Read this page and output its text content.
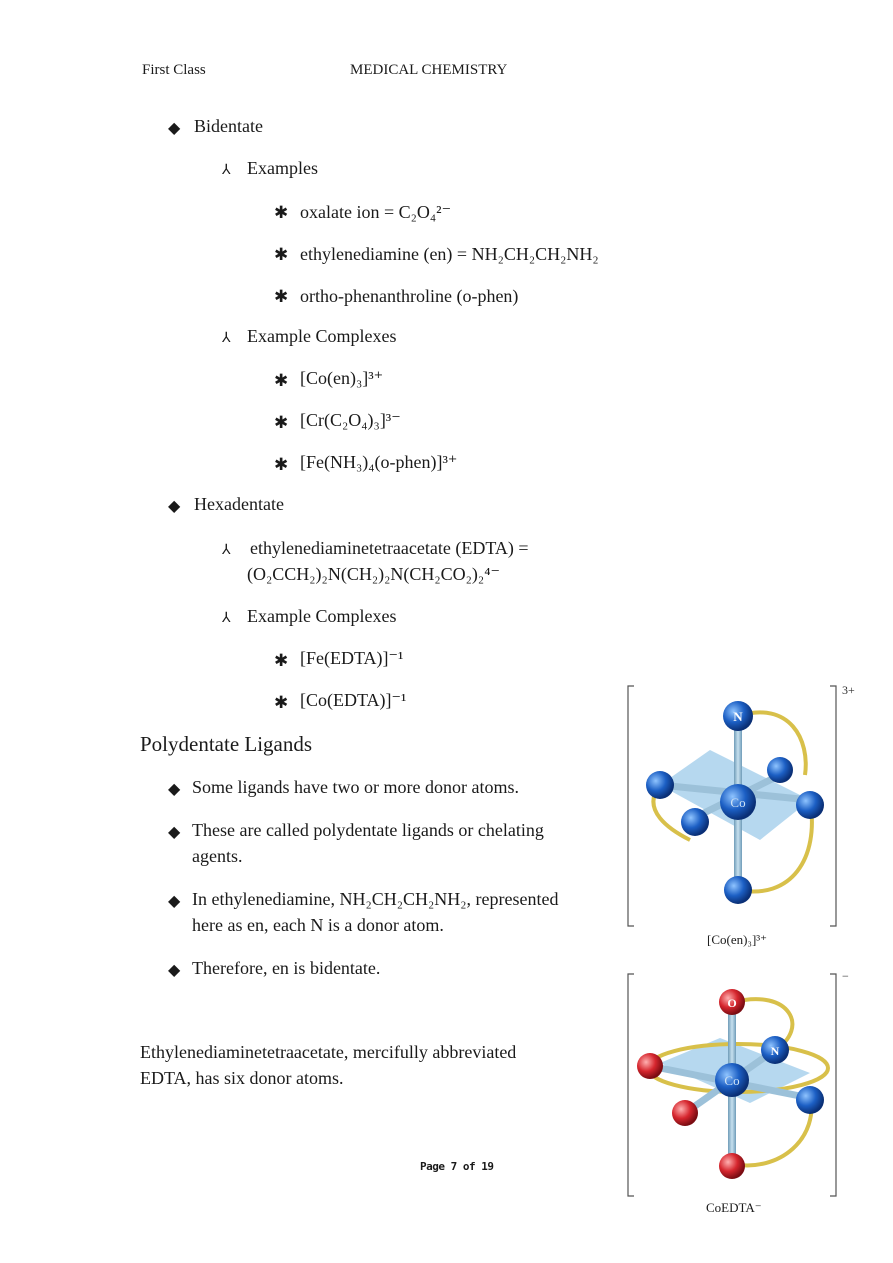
First Class	MEDICAL CHEMISTRY
◆ Bidentate
⅄ Examples
✱ oxalate ion = C₂O₄²⁻
✱ ethylenediamine (en) = NH₂CH₂CH₂NH₂
✱ ortho-phenanthroline (o-phen)
⅄ Example Complexes
✱ [Co(en)₃]³⁺
✱ [Cr(C₂O₄)₃]³⁻
✱ [Fe(NH₃)₄(o-phen)]³⁺
◆ Hexadentate
⅄ ethylenediaminetetraacetate (EDTA) =
(O₂CCH₂)₂N(CH₂)₂N(CH₂CO₂)₂⁴⁻
⅄ Example Complexes
✱ [Fe(EDTA)]⁻¹
✱ [Co(EDTA)]⁻¹
Polydentate Ligands
◆ Some ligands have two or more donor atoms.
◆ These are called polydentate ligands or chelating
agents.
◆ In ethylenediamine, NH₂CH₂CH₂NH₂, represented
here as en, each N is a donor atom.
◆ Therefore, en is bidentate.
Ethylenediaminetetraacetate, mercifully abbreviated
EDTA, has six donor atoms.
Page 7 of 19
N
Co
3+
[Co(en)₃]³⁺
O
N
Co
−
CoEDTA⁻
